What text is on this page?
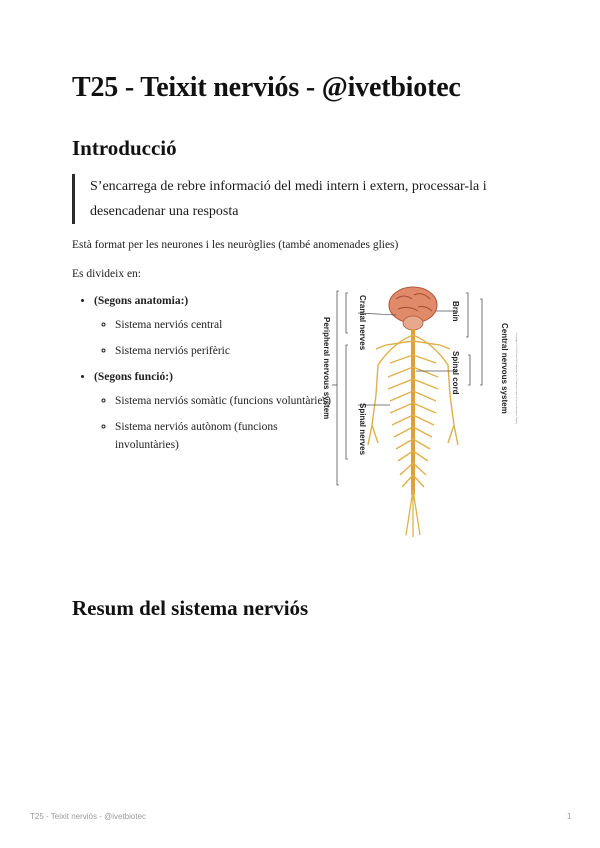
T25 - Teixit nerviós - @ivetbiotec
Introducció
S’encarrega de rebre informació del medi intern i extern, processar-la i
desencadenar una resposta

Està format per les neurones i les neuròglies (també anomenades glies)

Es divideix en:

• (Segons anatomia:)
◦ Sistema nerviós central
◦ Sistema nerviós perifèric
• (Segons funció:)
◦ Sistema nerviós somàtic (funcions voluntàries)
◦ Sistema nerviós autònom (funcions involuntàries)
Cranial nerves
Peripheral nervous system
Spinal nerves
Brain
Spinal cord	Central nervous system	Copyright © The McGraw-Hill Companies, Inc. Permission required for reproduction or display.
Resum del sistema nerviós
T25 - Teixit nerviós - @ivetbiotec	1
